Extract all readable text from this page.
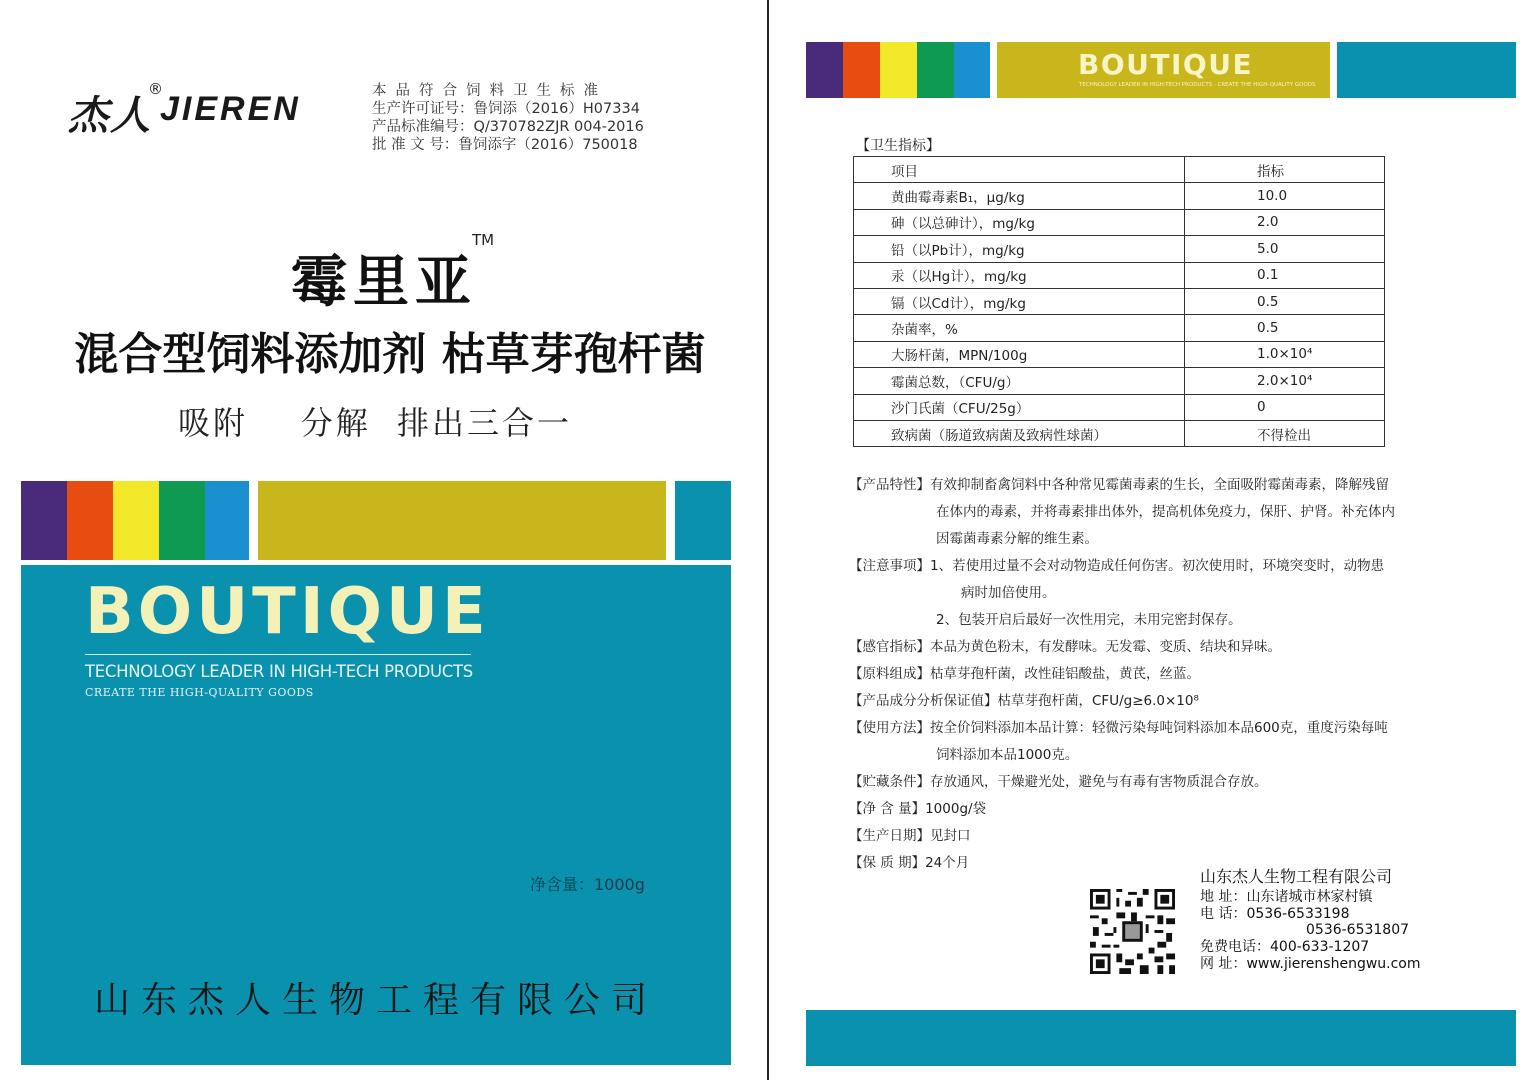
杰人
®
JIEREN	本品符合饲料卫生标准
生产许可证号：鲁饲添（2016）H07334
产品标准编号：Q/370782ZJR 004-2016
批 准 文 号：鲁饲添字（2016）750018
霉里亚
TM
混合型饲料添加剂 枯草芽孢杆菌
吸附    分解  排出三合一
BOUTIQUE
TECHNOLOGY LEADER IN HIGH-TECH PRODUCTS
CREATE THE HIGH-QUALITY GOODS
净含量：1000g
山东杰人生物工程有限公司
BOUTIQUE
TECHNOLOGY LEADER IN HIGH-TECH PRODUCTS · CREATE THE HIGH-QUALITY GOODS
【卫生指标】
项目	指标
黄曲霉毒素B₁，μg/kg	10.0
砷（以总砷计），mg/kg	2.0
铅（以Pb计），mg/kg	5.0
汞（以Hg计），mg/kg	0.1
镉（以Cd计），mg/kg	0.5
杂菌率，%	0.5
大肠杆菌，MPN/100g	1.0×10⁴
霉菌总数，（CFU/g）	2.0×10⁴
沙门氏菌（CFU/25g）	0
致病菌（肠道致病菌及致病性球菌）	不得检出
【产品特性】 有效抑制畜禽饲料中各种常见霉菌毒素的生长，全面吸附霉菌毒素，降解残留
在体内的毒素，并将毒素排出体外，提高机体免疫力，保肝、护肾。补充体内
因霉菌毒素分解的维生素。
【注意事项】 1、若使用过量不会对动物造成任何伤害。初次使用时，环境突变时，动物患
病时加倍使用。
2、包装开启后最好一次性用完，未用完密封保存。
【感官指标】 本品为黄色粉末，有发酵味。无发霉、变质、结块和异味。
【原料组成】 枯草芽孢杆菌，改性硅铝酸盐，黄芪，丝蓝。
【产品成分分析保证值】 枯草芽孢杆菌，CFU/g≥6.0×10⁸
【使用方法】 按全价饲料添加本品计算：轻微污染每吨饲料添加本品600克，重度污染每吨
饲料添加本品1000克。
【贮藏条件】 存放通风，干燥避光处，避免与有毒有害物质混合存放。
【净 含 量】 1000g/袋
【生产日期】 见封口
【保 质 期】 24个月
山东杰人生物工程有限公司
地 址：山东诸城市林家村镇
电 话：0536-6533198
0536-6531807
免费电话：400-633-1207
网 址：www.jierenshengwu.com
